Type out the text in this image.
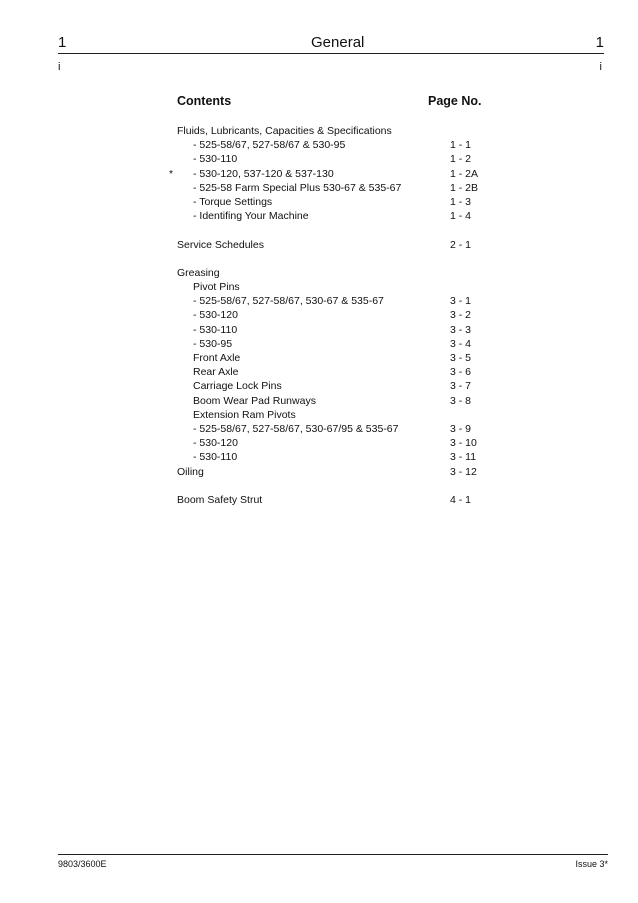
1	General	1
i	i
Contents	Page No.
Fluids, Lubricants, Capacities & Specifications
- 525-58/67, 527-58/67 & 530-95	1 - 1
- 530-110	1 - 2
* - 530-120, 537-120 & 537-130	1 - 2A
- 525-58 Farm Special Plus 530-67 & 535-67	1 - 2B
- Torque Settings	1 - 3
- Identifing Your Machine	1 - 4
Service Schedules	2 - 1
Greasing
Pivot Pins
- 525-58/67, 527-58/67, 530-67 & 535-67	3 - 1
- 530-120	3 - 2
- 530-110	3 - 3
- 530-95	3 - 4
Front Axle	3 - 5
Rear Axle	3 - 6
Carriage Lock Pins	3 - 7
Boom Wear Pad Runways	3 - 8
Extension Ram Pivots
- 525-58/67, 527-58/67, 530-67/95 & 535-67	3 - 9
- 530-120	3 - 10
- 530-110	3 - 11
Oiling	3 - 12
Boom Safety Strut	4 - 1
9803/3600E	Issue 3*
